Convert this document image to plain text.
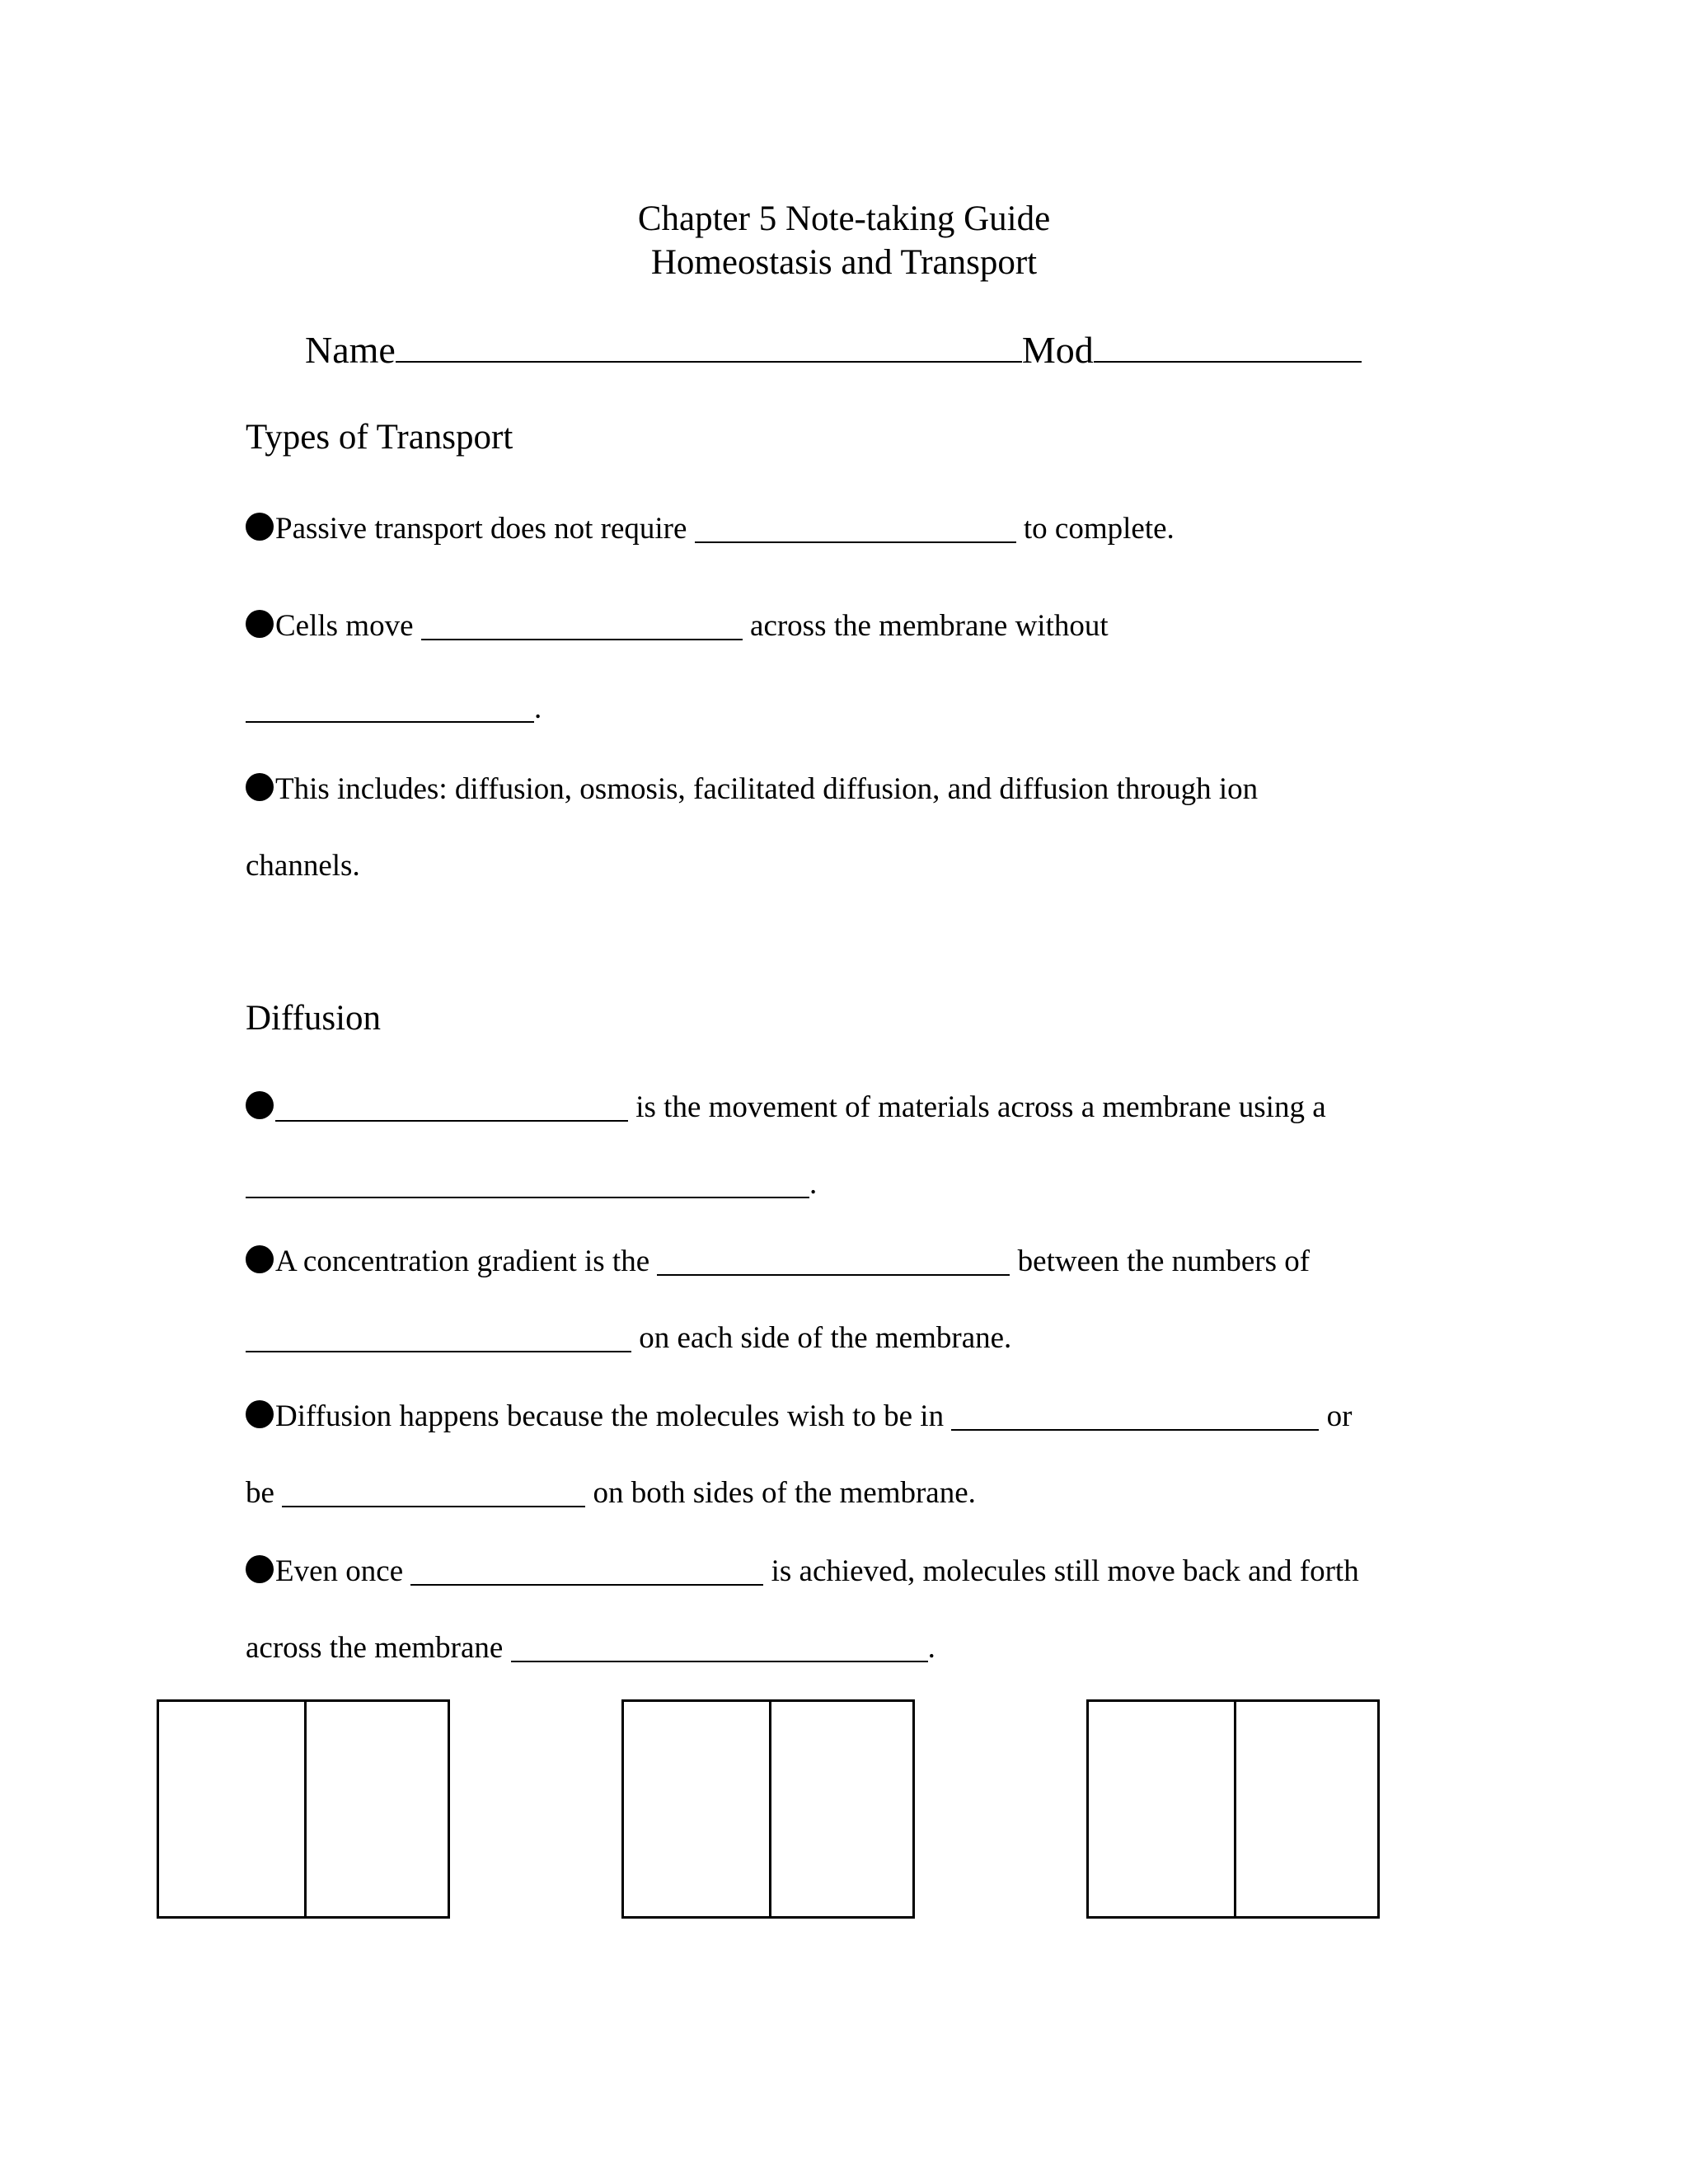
Chapter 5 Note-taking Guide
Homeostasis and Transport
Name	Mod
Types of Transport
Passive transport does not require	to complete.
Cells move	across the membrane without
.
This includes: diffusion, osmosis, facilitated diffusion, and diffusion through ion
channels.
Diffusion
is the movement of materials across a membrane using a
.
A concentration gradient is the	between the numbers of
on each side of the membrane.
Diffusion happens because the molecules wish to be in	or
be	on both sides of the membrane.
Even once	is achieved, molecules still move back and forth
across the membrane	.
